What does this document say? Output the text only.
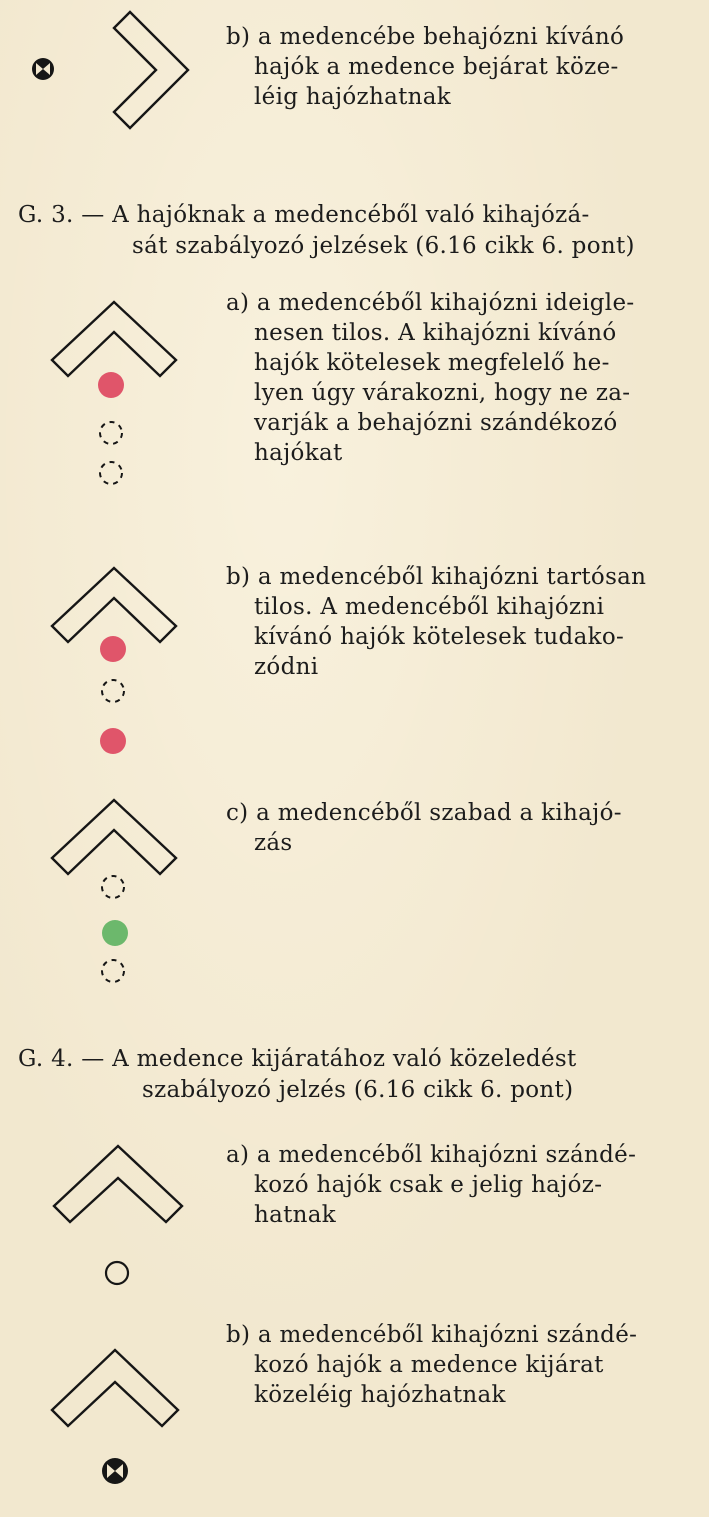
b) a medencébe behajózni kívánó
hajók a medence bejárat köze-
léig hajózhatnak
G. 3. — A hajóknak a medencéből való kihajózá-
sát szabályozó jelzések (6.16 cikk 6. pont)
a) a medencéből kihajózni ideigle-
nesen tilos. A kihajózni kívánó
hajók kötelesek megfelelő he-
lyen úgy várakozni, hogy ne za-
varják a behajózni szándékozó
hajókat
b) a medencéből kihajózni tartósan
tilos. A medencéből kihajózni
kívánó hajók kötelesek tudako-
zódni
c) a medencéből szabad a kihajó-
zás
G. 4. — A medence kijáratához való közeledést
szabályozó jelzés (6.16 cikk 6. pont)
a) a medencéből kihajózni szándé-
kozó hajók csak e jelig hajóz-
hatnak
b) a medencéből kihajózni szándé-
kozó hajók a medence kijárat
közeléig hajózhatnak
